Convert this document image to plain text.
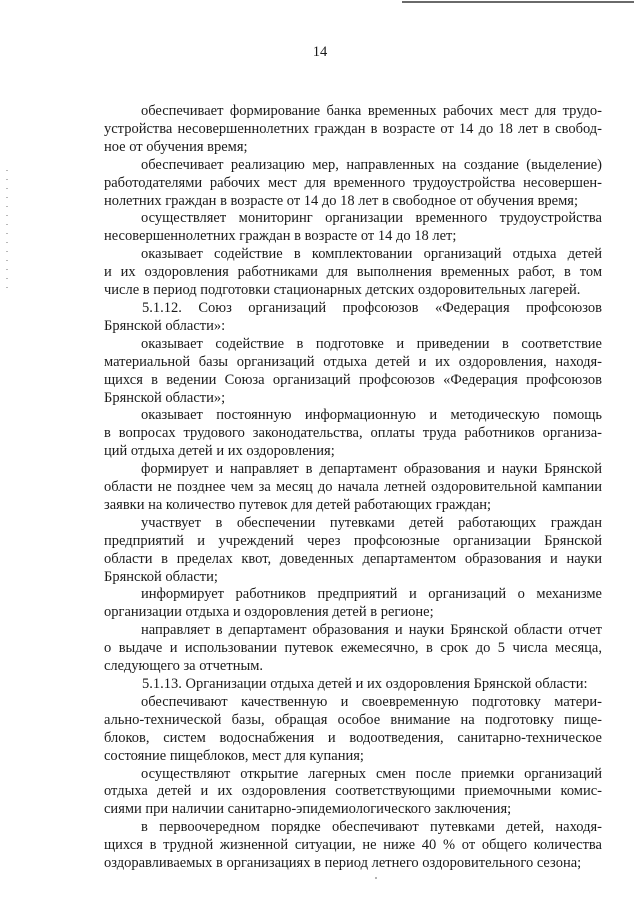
14
обеспечивает формирование банка временных рабочих мест для трудо-
устройства несовершеннолетних граждан в возрасте от 14 до 18 лет в свобод-
ное от обучения время;
обеспечивает реализацию мер, направленных на создание (выделение)
работодателями рабочих мест для временного трудоустройства несовершен-
нолетних граждан в возрасте от 14 до 18 лет в свободное от обучения время;
осуществляет мониторинг организации временного трудоустройства
несовершеннолетних граждан в возрасте от 14 до 18 лет;
оказывает содействие в комплектовании организаций отдыха детей
и их оздоровления работниками для выполнения временных работ, в том
числе в период подготовки стационарных детских оздоровительных лагерей.
5.1.12. Союз организаций профсоюзов «Федерация профсоюзов
Брянской области»:
оказывает содействие в подготовке и приведении в соответствие
материальной базы организаций отдыха детей и их оздоровления, находя-
щихся в ведении Союза организаций профсоюзов «Федерация профсоюзов
Брянской области»;
оказывает постоянную информационную и методическую помощь
в вопросах трудового законодательства, оплаты труда работников организа-
ций отдыха детей и их оздоровления;
формирует и направляет в департамент образования и науки Брянской
области не позднее чем за месяц до начала летней оздоровительной кампании
заявки на количество путевок для детей работающих граждан;
участвует в обеспечении путевками детей работающих граждан
предприятий и учреждений через профсоюзные организации Брянской
области в пределах квот, доведенных департаментом образования и науки
Брянской области;
информирует работников предприятий и организаций о механизме
организации отдыха и оздоровления детей в регионе;
направляет в департамент образования и науки Брянской области отчет
о выдаче и использовании путевок ежемесячно, в срок до 5 числа месяца,
следующего за отчетным.
5.1.13. Организации отдыха детей и их оздоровления Брянской области:
обеспечивают качественную и своевременную подготовку матери-
ально-технической базы, обращая особое внимание на подготовку пище-
блоков, систем водоснабжения и водоотведения, санитарно-техническое
состояние пищеблоков, мест для купания;
осуществляют открытие лагерных смен после приемки организаций
отдыха детей и их оздоровления соответствующими приемочными комис-
сиями при наличии санитарно-эпидемиологического заключения;
в первоочередном порядке обеспечивают путевками детей, находя-
щихся в трудной жизненной ситуации, не ниже 40 % от общего количества
оздоравливаемых в организациях в период летнего оздоровительного сезона;
